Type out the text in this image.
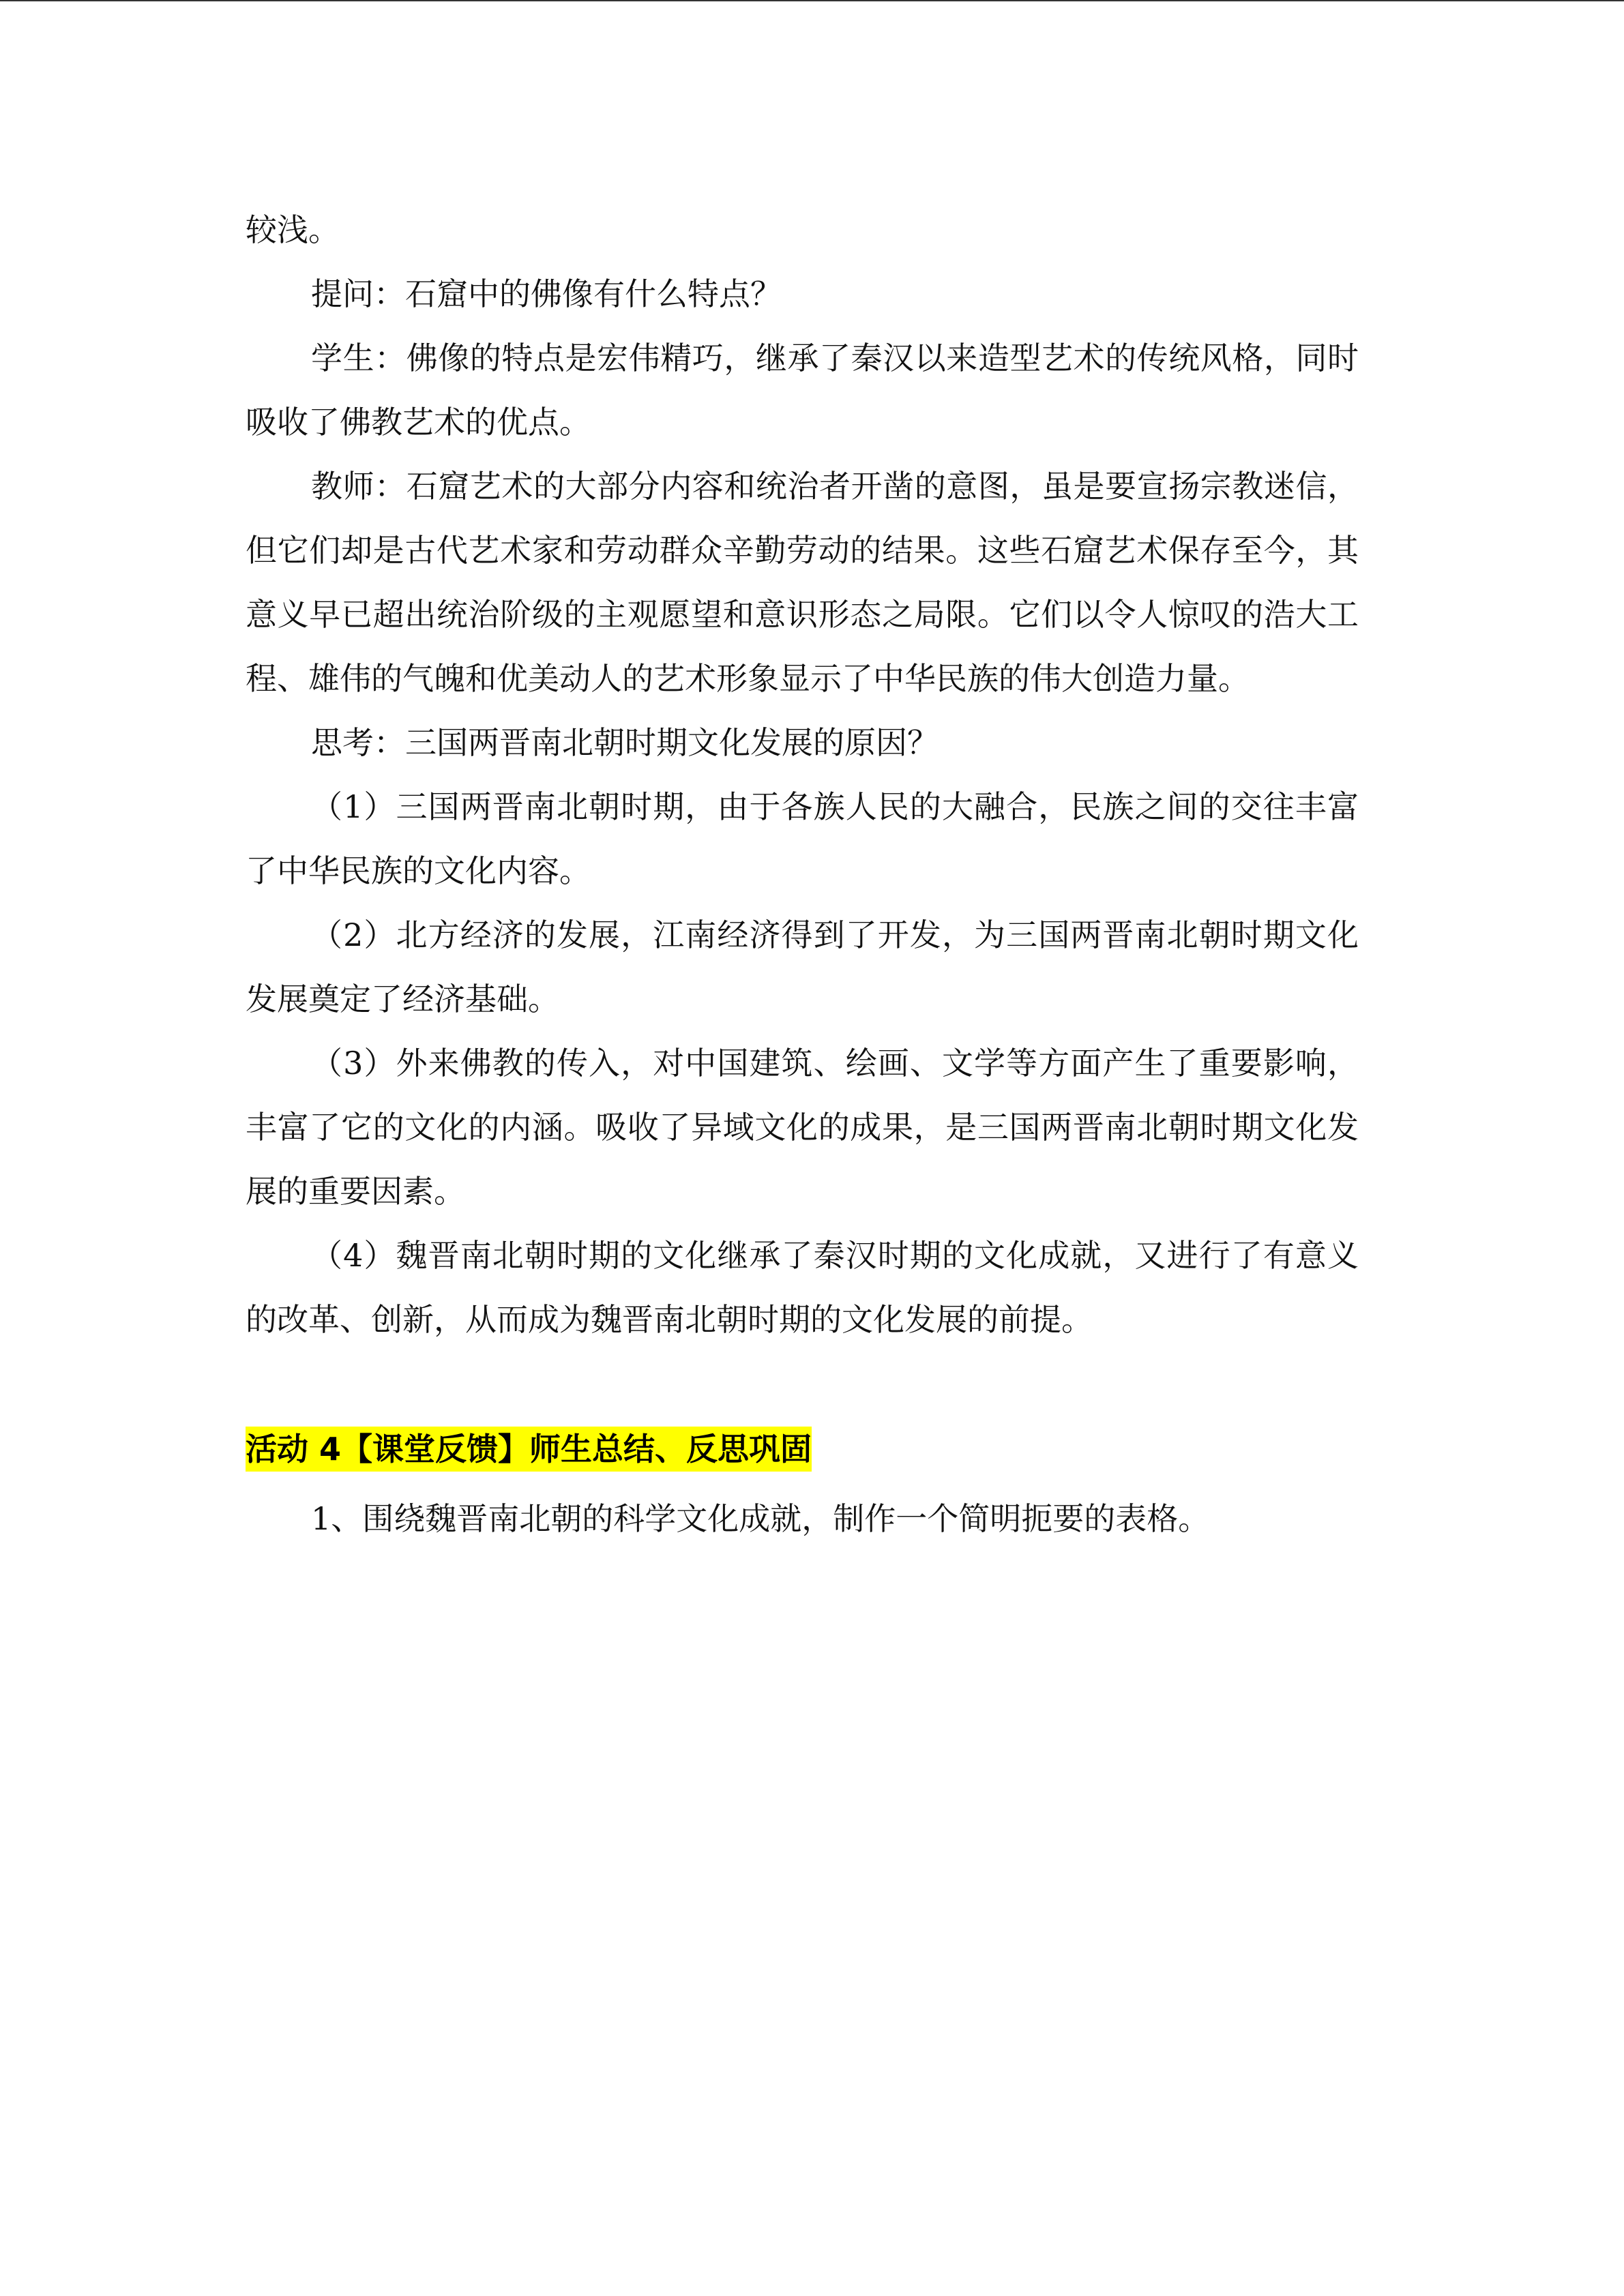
较浅。

提问：石窟中的佛像有什么特点？

学生：佛像的特点是宏伟精巧，继承了秦汉以来造型艺术的传统风格，同时吸收了佛教艺术的优点。

教师：石窟艺术的大部分内容和统治者开凿的意图，虽是要宣扬宗教迷信，但它们却是古代艺术家和劳动群众辛勤劳动的结果。这些石窟艺术保存至今，其意义早已超出统治阶级的主观愿望和意识形态之局限。它们以令人惊叹的浩大工程、雄伟的气魄和优美动人的艺术形象显示了中华民族的伟大创造力量。

思考：三国两晋南北朝时期文化发展的原因？

（1）三国两晋南北朝时期，由于各族人民的大融合，民族之间的交往丰富了中华民族的文化内容。

（2）北方经济的发展，江南经济得到了开发，为三国两晋南北朝时期文化发展奠定了经济基础。

（3）外来佛教的传入，对中国建筑、绘画、文学等方面产生了重要影响，丰富了它的文化的内涵。吸收了异域文化的成果，是三国两晋南北朝时期文化发展的重要因素。

（4）魏晋南北朝时期的文化继承了秦汉时期的文化成就，又进行了有意义的改革、创新，从而成为魏晋南北朝时期的文化发展的前提。

活动 4【课堂反馈】师生总结、反思巩固

1、围绕魏晋南北朝的科学文化成就，制作一个简明扼要的表格。
